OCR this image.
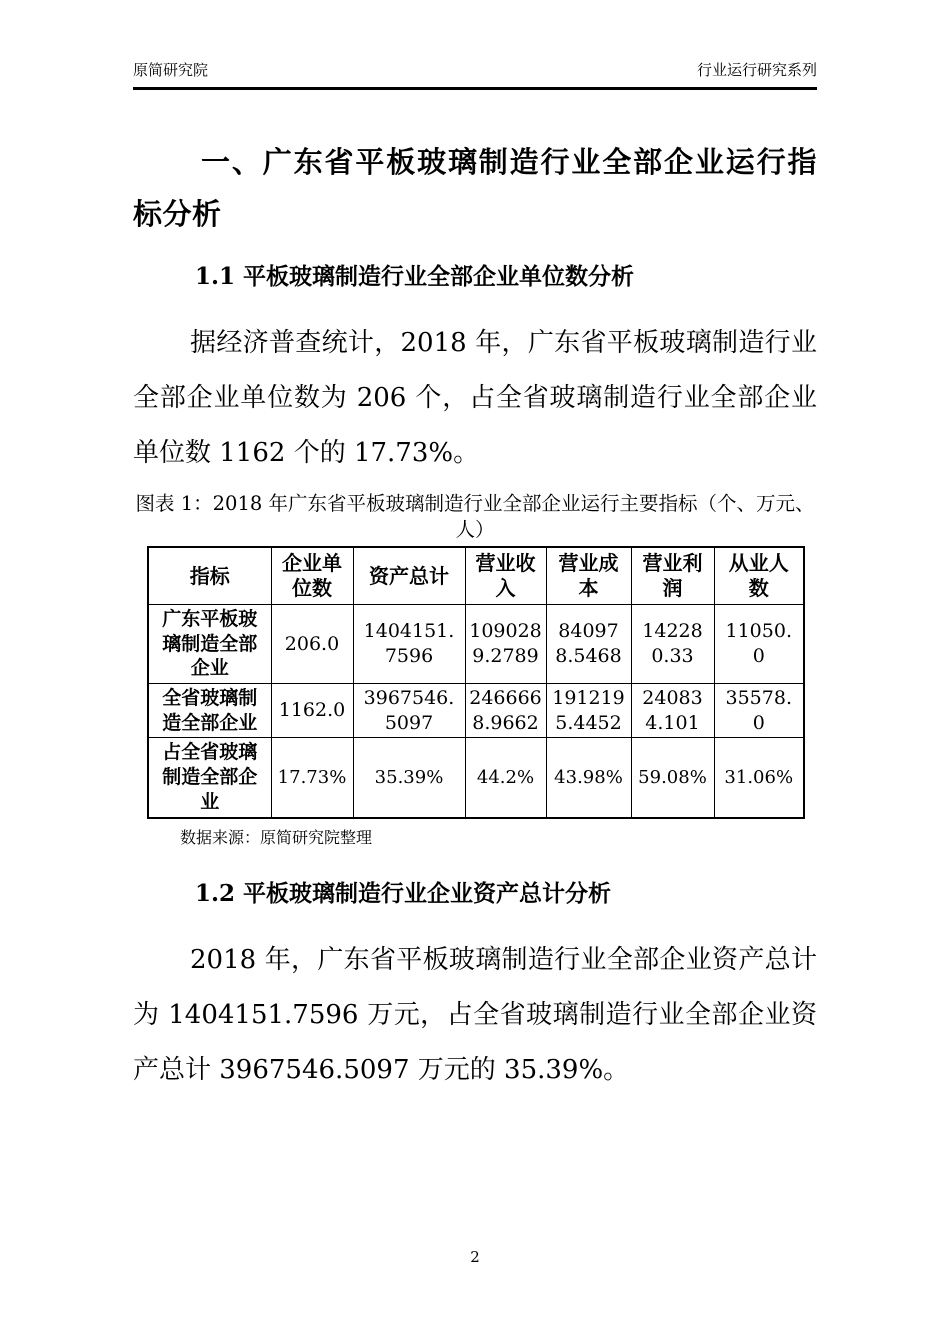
原简研究院	行业运行研究系列
一、广东省平板玻璃制造行业全部企业运行指标分析
1.1 平板玻璃制造行业全部企业单位数分析

据经济普查统计，2018 年，广东省平板玻璃制造行业全部企业单位数为 206 个，占全省玻璃制造行业全部企业单位数 1162 个的 17.73%。

图表 1：2018 年广东省平板玻璃制造行业全部企业运行主要指标（个、万元、人）
指标	企业单位数	资产总计	营业收入	营业成本	营业利润	从业人数
广东平板玻璃制造全部企业	206.0	1404151.7596	1090289.2789	840978.5468	142280.33	11050.0
全省玻璃制造全部企业	1162.0	3967546.5097	2466668.9662	1912195.4452	240834.101	35578.0
占全省玻璃制造全部企业	17.73%	35.39%	44.2%	43.98%	59.08%	31.06%
数据来源：原简研究院整理
1.2 平板玻璃制造行业企业资产总计分析

2018 年，广东省平板玻璃制造行业全部企业资产总计为 1404151.7596 万元，占全省玻璃制造行业全部企业资产总计 3967546.5097 万元的 35.39%。

2
